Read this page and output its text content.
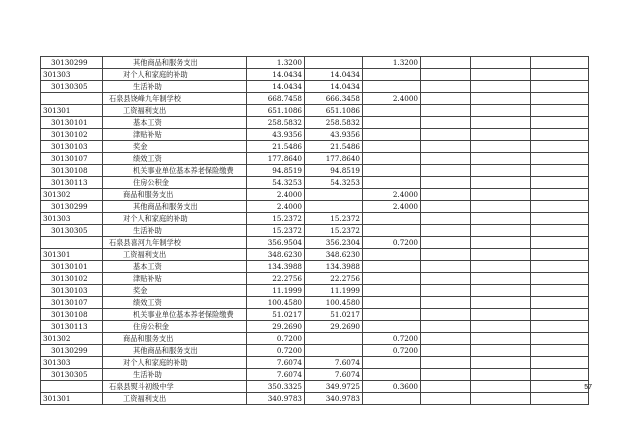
30130299	其他商品和服务支出	1.3200		1.3200			
301303	对个人和家庭的补助	14.0434	14.0434				
30130305	生活补助	14.0434	14.0434				
	石泉县饶峰九年制学校	668.7458	666.3458	2.4000			
301301	工资福利支出	651.1086	651.1086				
30130101	基本工资	258.5832	258.5832				
30130102	津贴补贴	43.9356	43.9356				
30130103	奖金	21.5486	21.5486				
30130107	绩效工资	177.8640	177.8640				
30130108	机关事业单位基本养老保险缴费	94.8519	94.8519				
30130113	住房公积金	54.3253	54.3253				
301302	商品和服务支出	2.4000		2.4000			
30130299	其他商品和服务支出	2.4000		2.4000			
301303	对个人和家庭的补助	15.2372	15.2372				
30130305	生活补助	15.2372	15.2372				
	石泉县喜河九年制学校	356.9504	356.2304	0.7200			
301301	工资福利支出	348.6230	348.6230				
30130101	基本工资	134.3988	134.3988				
30130102	津贴补贴	22.2756	22.2756				
30130103	奖金	11.1999	11.1999				
30130107	绩效工资	100.4580	100.4580				
30130108	机关事业单位基本养老保险缴费	51.0217	51.0217				
30130113	住房公积金	29.2690	29.2690				
301302	商品和服务支出	0.7200		0.7200			
30130299	其他商品和服务支出	0.7200		0.7200			
301303	对个人和家庭的补助	7.6074	7.6074				
30130305	生活补助	7.6074	7.6074				
	石泉县熨斗初级中学	350.3325	349.9725	0.3600			
301301	工资福利支出	340.9783	340.9783				
57
